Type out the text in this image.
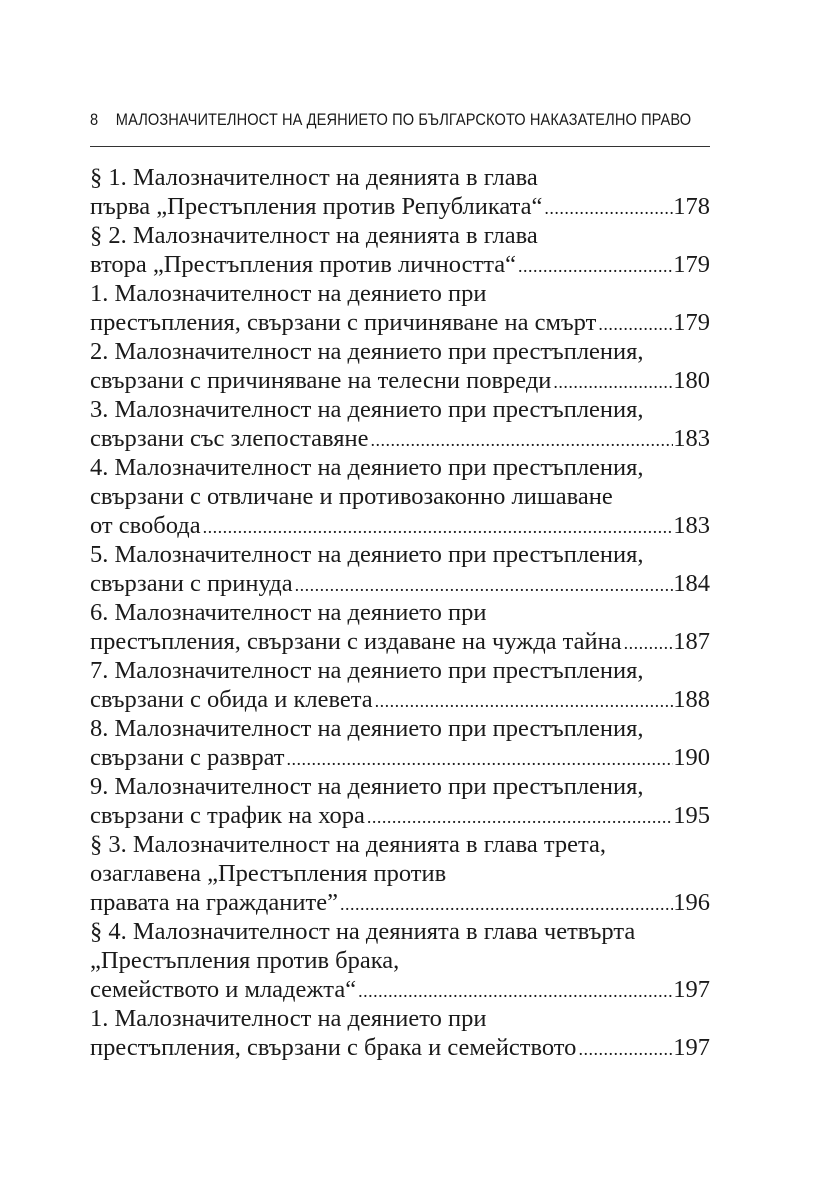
8 МАЛОЗНАЧИТЕЛНОСТ НА ДЕЯНИЕТО ПО БЪЛГАРСКОТО НАКАЗАТЕЛНО ПРАВО
§ 1. Малозначителност на деянията в глава
първа „Престъпления против Републиката“ .....	178
§ 2. Малозначителност на деянията в глава
втора „Престъпления против личността“ .....	179
1. Малозначителност на деянието при
престъпления, свързани с причиняване на смърт .....	179
2. Малозначителност на деянието при престъпления,
свързани с причиняване на телесни повреди .....	180
3. Малозначителност на деянието при престъпления,
свързани със злепоставяне .....	183
4. Малозначителност на деянието при престъпления,
свързани с отвличане и противозаконно лишаване
от свобода .....	183
5. Малозначителност на деянието при престъпления,
свързани с принуда .....	184
6. Малозначителност на деянието при
престъпления, свързани с издаване на чужда тайна ..... 187
7. Малозначителност на деянието при престъпления,
свързани с обида и клевета .....	188
8. Малозначителност на деянието при престъпления,
свързани с разврат .....	190
9. Малозначителност на деянието при престъпления,
свързани с трафик на хора .....	195
§ 3. Малозначителност на деянията в глава трета,
озаглавена „Престъпления против
правата на гражданите” .....	196
§ 4. Малозначителност на деянията в глава четвърта
„Престъпления против брака,
семейството и младежта“ .....	197
1. Малозначителност на деянието при
престъпления, свързани с брака и семейството .....	197
